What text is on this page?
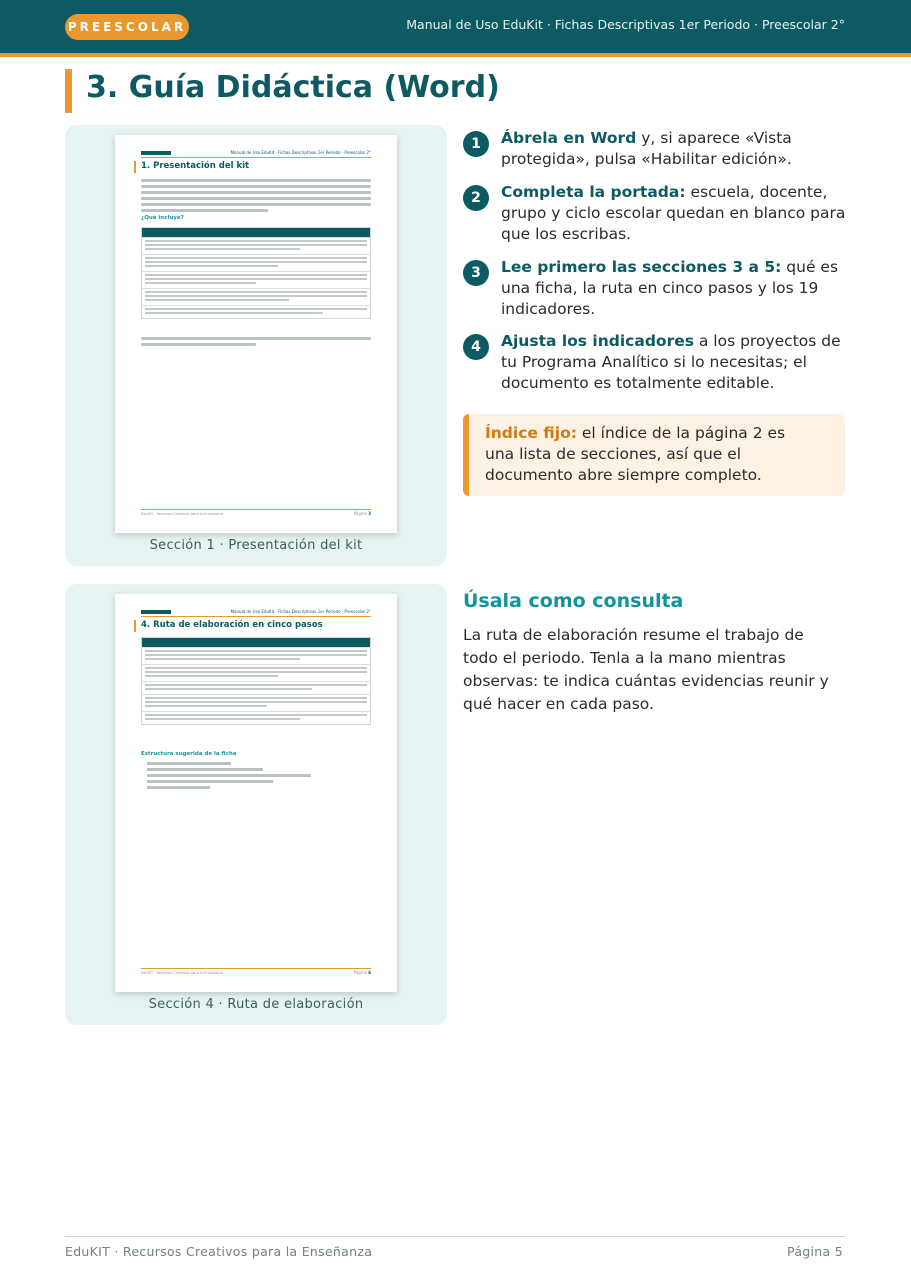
PREESCOLAR	Manual de Uso EduKit · Fichas Descriptivas 1er Periodo · Preescolar 2°
3. Guía Didáctica (Word)
Manual de Uso EduKit · Fichas Descriptivas 1er Periodo · Preescolar 2°
1. Presentación del kit
¿Qué incluye?
EduKIT · Recursos Creativos para la Enseñanza	Página 3
Sección 1 · Presentación del kit
1	Ábrela en Word y, si aparece «Vista protegida», pulsa «Habilitar edición».
2	Completa la portada: escuela, docente, grupo y ciclo escolar quedan en blanco para que los escribas.
3	Lee primero las secciones 3 a 5: qué es una ficha, la ruta en cinco pasos y los 19 indicadores.
4	Ajusta los indicadores a los proyectos de tu Programa Analítico si lo necesitas; el documento es totalmente editable.
Índice fijo: el índice de la página 2 es una lista de secciones, así que el documento abre siempre completo.
Manual de Uso EduKit · Fichas Descriptivas 1er Periodo · Preescolar 2°
4. Ruta de elaboración en cinco pasos
Estructura sugerida de la ficha
EduKIT · Recursos Creativos para la Enseñanza	Página 6
Sección 4 · Ruta de elaboración
Úsala como consulta

La ruta de elaboración resume el trabajo de todo el periodo. Tenla a la mano mientras observas: te indica cuántas evidencias reunir y qué hacer en cada paso.

EduKIT · Recursos Creativos para la Enseñanza	Página 5
